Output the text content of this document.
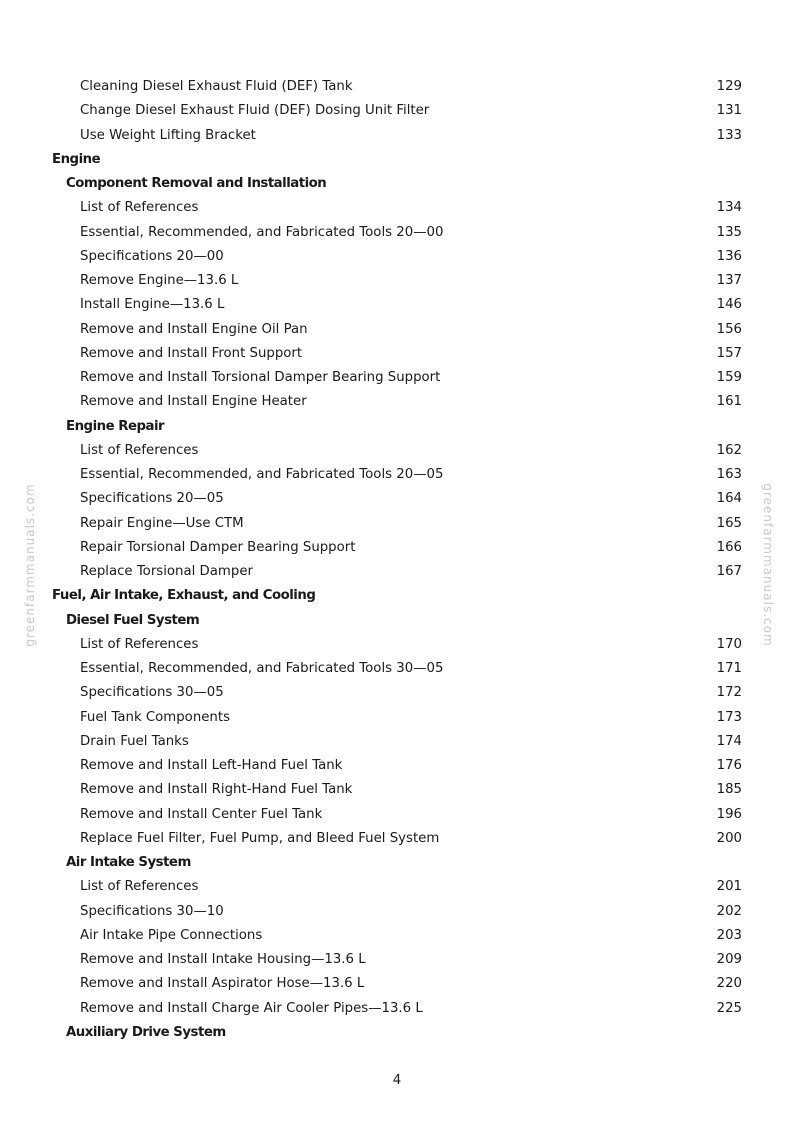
Cleaning Diesel Exhaust Fluid (DEF) Tank	129
Change Diesel Exhaust Fluid (DEF) Dosing Unit Filter	131
Use Weight Lifting Bracket	133
Engine
Component Removal and Installation
List of References	134
Essential, Recommended, and Fabricated Tools 20—00	135
Specifications 20—00	136
Remove Engine—13.6 L	137
Install Engine—13.6 L	146
Remove and Install Engine Oil Pan	156
Remove and Install Front Support	157
Remove and Install Torsional Damper Bearing Support	159
Remove and Install Engine Heater	161
Engine Repair
List of References	162
Essential, Recommended, and Fabricated Tools 20—05	163
Specifications 20—05	164
Repair Engine—Use CTM	165
Repair Torsional Damper Bearing Support	166
Replace Torsional Damper	167
Fuel, Air Intake, Exhaust, and Cooling
Diesel Fuel System
List of References	170
Essential, Recommended, and Fabricated Tools 30—05	171
Specifications 30—05	172
Fuel Tank Components	173
Drain Fuel Tanks	174
Remove and Install Left-Hand Fuel Tank	176
Remove and Install Right-Hand Fuel Tank	185
Remove and Install Center Fuel Tank	196
Replace Fuel Filter, Fuel Pump, and Bleed Fuel System	200
Air Intake System
List of References	201
Specifications 30—10	202
Air Intake Pipe Connections	203
Remove and Install Intake Housing—13.6 L	209
Remove and Install Aspirator Hose—13.6 L	220
Remove and Install Charge Air Cooler Pipes—13.6 L	225
Auxiliary Drive System
greenfarmmanuals.com	greenfarmmanuals.com
4
